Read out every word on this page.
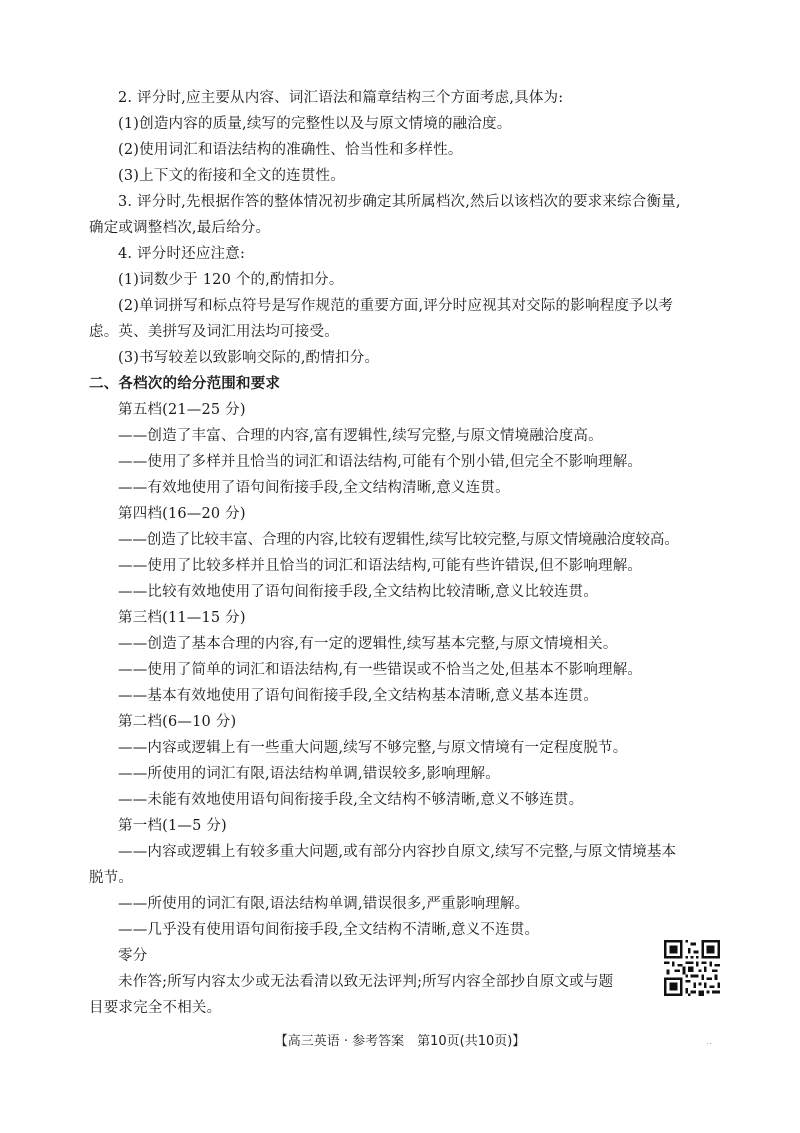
2. 评分时,应主要从内容、词汇语法和篇章结构三个方面考虑,具体为:
(1)创造内容的质量,续写的完整性以及与原文情境的融洽度。
(2)使用词汇和语法结构的准确性、恰当性和多样性。
(3)上下文的衔接和全文的连贯性。
3. 评分时,先根据作答的整体情况初步确定其所属档次,然后以该档次的要求来综合衡量,
确定或调整档次,最后给分。
4. 评分时还应注意:
(1)词数少于 120 个的,酌情扣分。
(2)单词拼写和标点符号是写作规范的重要方面,评分时应视其对交际的影响程度予以考
虑。英、美拼写及词汇用法均可接受。
(3)书写较差以致影响交际的,酌情扣分。
二、各档次的给分范围和要求
第五档(21—25 分)
——创造了丰富、合理的内容,富有逻辑性,续写完整,与原文情境融洽度高。
——使用了多样并且恰当的词汇和语法结构,可能有个别小错,但完全不影响理解。
——有效地使用了语句间衔接手段,全文结构清晰,意义连贯。
第四档(16—20 分)
——创造了比较丰富、合理的内容,比较有逻辑性,续写比较完整,与原文情境融洽度较高。
——使用了比较多样并且恰当的词汇和语法结构,可能有些许错误,但不影响理解。
——比较有效地使用了语句间衔接手段,全文结构比较清晰,意义比较连贯。
第三档(11—15 分)
——创造了基本合理的内容,有一定的逻辑性,续写基本完整,与原文情境相关。
——使用了简单的词汇和语法结构,有一些错误或不恰当之处,但基本不影响理解。
——基本有效地使用了语句间衔接手段,全文结构基本清晰,意义基本连贯。
第二档(6—10 分)
——内容或逻辑上有一些重大问题,续写不够完整,与原文情境有一定程度脱节。
——所使用的词汇有限,语法结构单调,错误较多,影响理解。
——未能有效地使用语句间衔接手段,全文结构不够清晰,意义不够连贯。
第一档(1—5 分)
——内容或逻辑上有较多重大问题,或有部分内容抄自原文,续写不完整,与原文情境基本
脱节。
——所使用的词汇有限,语法结构单调,错误很多,严重影响理解。
——几乎没有使用语句间衔接手段,全文结构不清晰,意义不连贯。
零分
未作答;所写内容太少或无法看清以致无法评判;所写内容全部抄自原文或与题
目要求完全不相关。
【高三英语 · 参考答案　第10页(共10页)】	..
